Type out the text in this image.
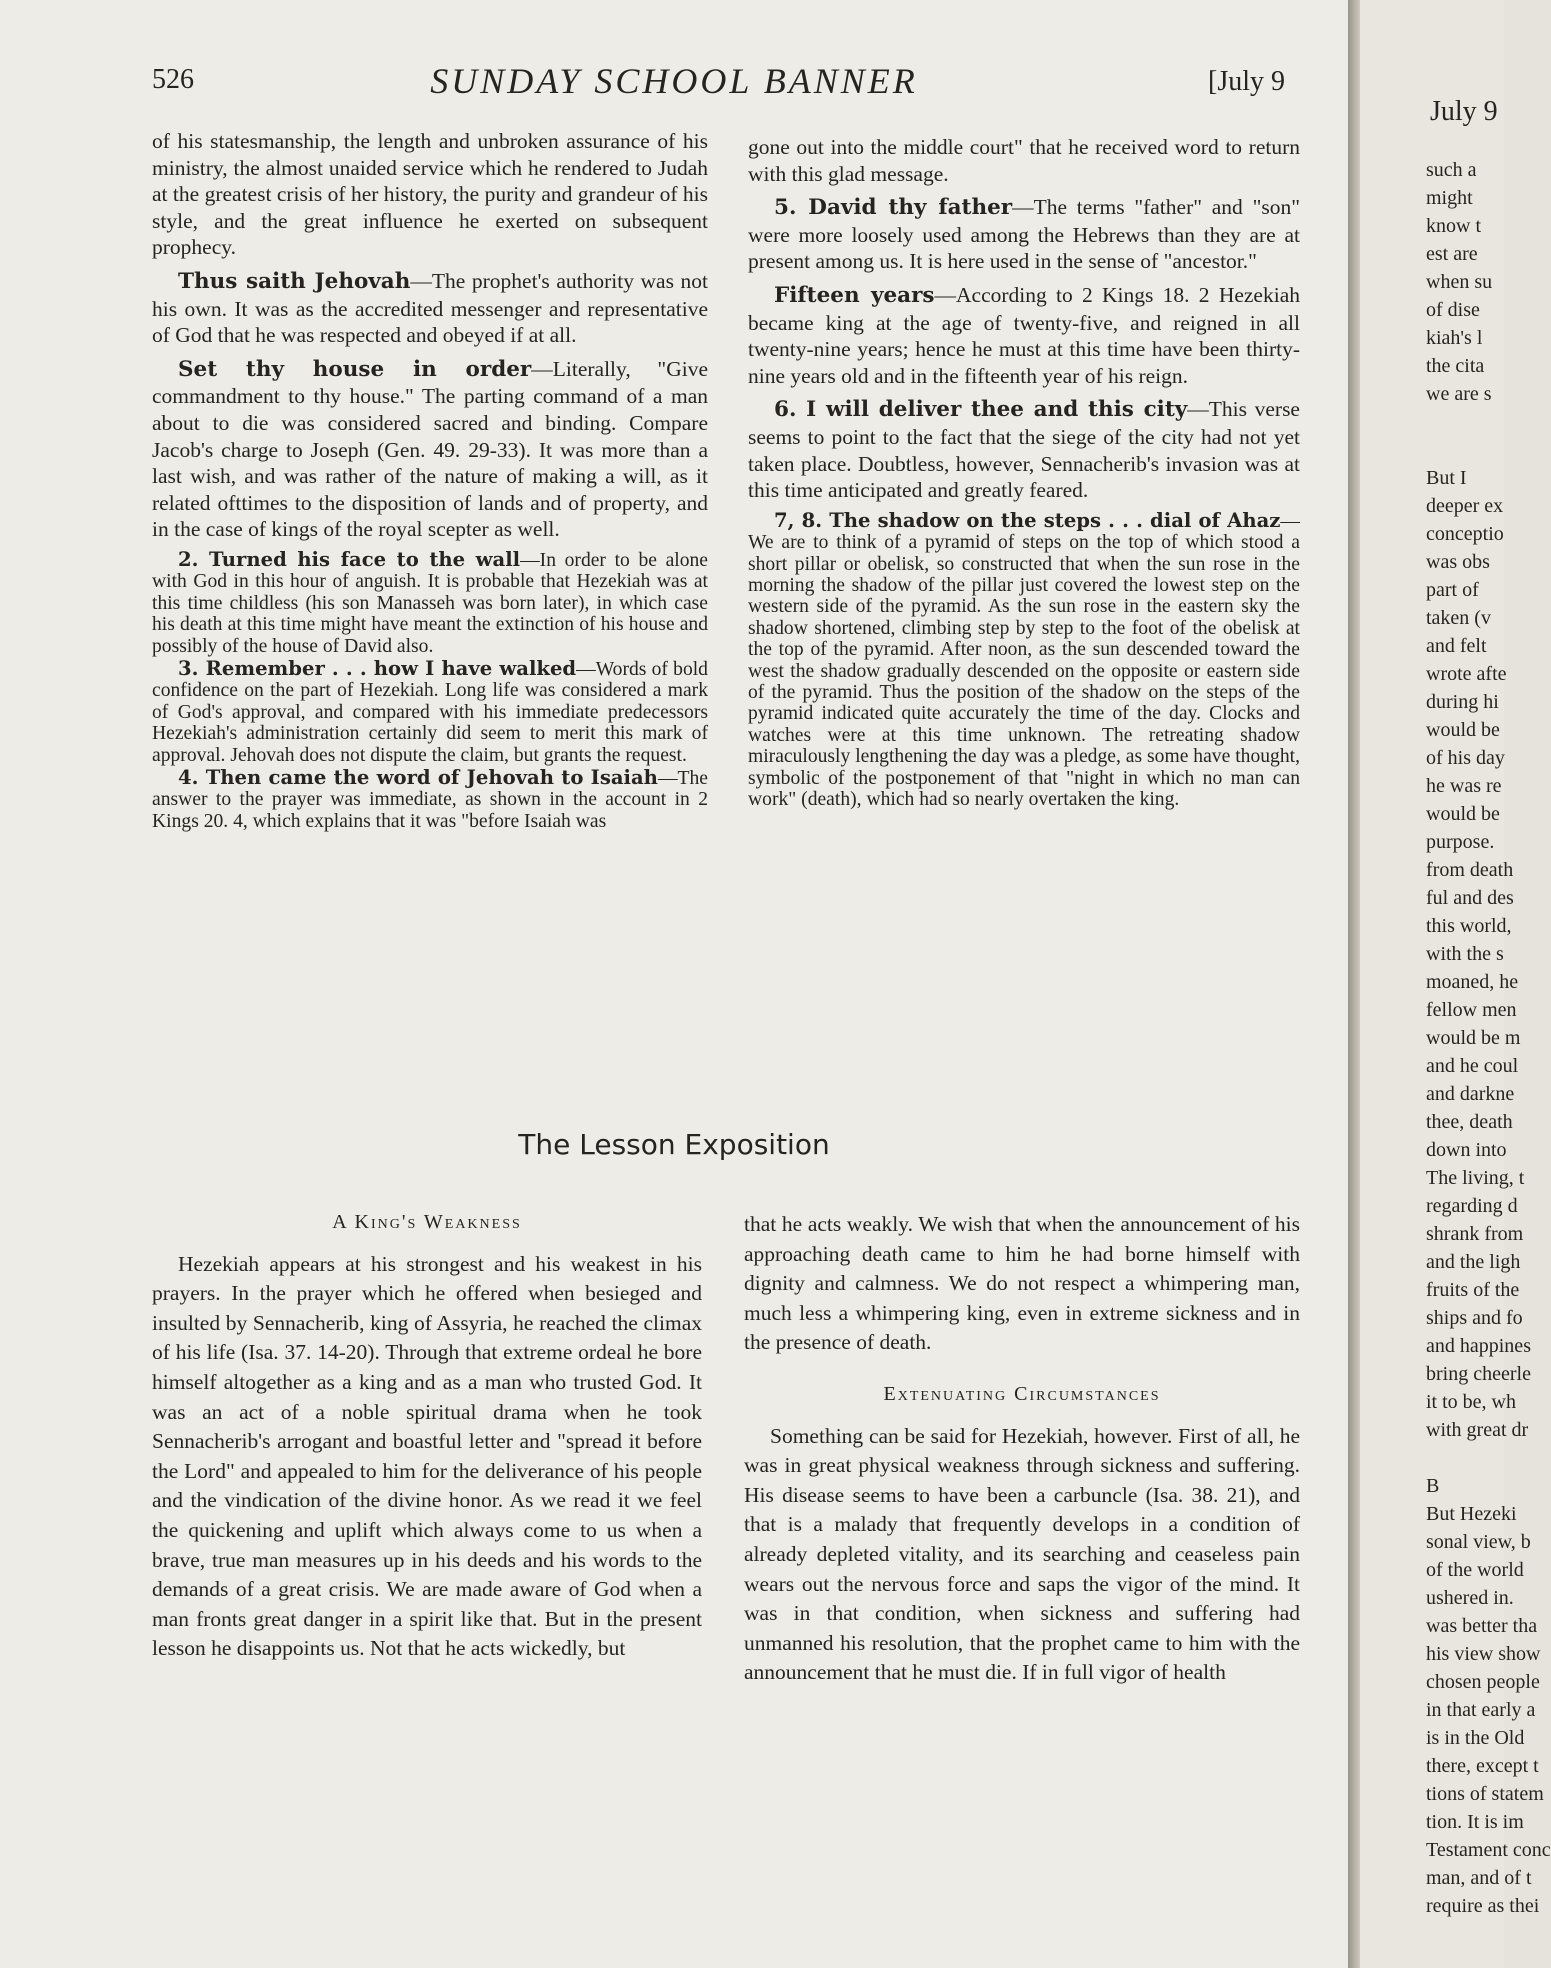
526	SUNDAY SCHOOL BANNER	[July 9

of his statesmanship, the length and unbroken assurance of his ministry, the almost unaided service which he rendered to Judah at the greatest crisis of her history, the purity and grandeur of his style, and the great influence he exerted on subsequent prophecy.

Thus saith Jehovah—The prophet's authority was not his own. It was as the accredited messenger and representative of God that he was respected and obeyed if at all.

Set thy house in order—Literally, "Give commandment to thy house." The parting command of a man about to die was considered sacred and binding. Compare Jacob's charge to Joseph (Gen. 49. 29-33). It was more than a last wish, and was rather of the nature of making a will, as it related ofttimes to the disposition of lands and of property, and in the case of kings of the royal scepter as well.

2. Turned his face to the wall—In order to be alone with God in this hour of anguish. It is probable that Hezekiah was at this time childless (his son Manasseh was born later), in which case his death at this time might have meant the extinction of his house and possibly of the house of David also.

3. Remember . . . how I have walked—Words of bold confidence on the part of Hezekiah. Long life was considered a mark of God's approval, and compared with his immediate predecessors Hezekiah's administration certainly did seem to merit this mark of approval. Jehovah does not dispute the claim, but grants the request.

4. Then came the word of Jehovah to Isaiah—The answer to the prayer was immediate, as shown in the account in 2 Kings 20. 4, which explains that it was "before Isaiah was

gone out into the middle court" that he received word to return with this glad message.

5. David thy father—The terms "father" and "son" were more loosely used among the Hebrews than they are at present among us. It is here used in the sense of "ancestor."

Fifteen years—According to 2 Kings 18. 2 Hezekiah became king at the age of twenty-five, and reigned in all twenty-nine years; hence he must at this time have been thirty-nine years old and in the fifteenth year of his reign.

6. I will deliver thee and this city—This verse seems to point to the fact that the siege of the city had not yet taken place. Doubtless, however, Sennacherib's invasion was at this time anticipated and greatly feared.

7, 8. The shadow on the steps . . . dial of Ahaz—We are to think of a pyramid of steps on the top of which stood a short pillar or obelisk, so constructed that when the sun rose in the morning the shadow of the pillar just covered the lowest step on the western side of the pyramid. As the sun rose in the eastern sky the shadow shortened, climbing step by step to the foot of the obelisk at the top of the pyramid. After noon, as the sun descended toward the west the shadow gradually descended on the opposite or eastern side of the pyramid. Thus the position of the shadow on the steps of the pyramid indicated quite accurately the time of the day. Clocks and watches were at this time unknown. The retreating shadow miraculously lengthening the day was a pledge, as some have thought, symbolic of the postponement of that "night in which no man can work" (death), which had so nearly overtaken the king.

The Lesson Exposition
A King's Weakness

Hezekiah appears at his strongest and his weakest in his prayers. In the prayer which he offered when besieged and insulted by Sennacherib, king of Assyria, he reached the climax of his life (Isa. 37. 14-20). Through that extreme ordeal he bore himself altogether as a king and as a man who trusted God. It was an act of a noble spiritual drama when he took Sennacherib's arrogant and boastful letter and "spread it before the Lord" and appealed to him for the deliverance of his people and the vindication of the divine honor. As we read it we feel the quickening and uplift which always come to us when a brave, true man measures up in his deeds and his words to the demands of a great crisis. We are made aware of God when a man fronts great danger in a spirit like that. But in the present lesson he disappoints us. Not that he acts wickedly, but

that he acts weakly. We wish that when the announcement of his approaching death came to him he had borne himself with dignity and calmness. We do not respect a whimpering man, much less a whimpering king, even in extreme sickness and in the presence of death.

Extenuating Circumstances

Something can be said for Hezekiah, however. First of all, he was in great physical weakness through sickness and suffering. His disease seems to have been a carbuncle (Isa. 38. 21), and that is a malady that frequently develops in a condition of already depleted vitality, and its searching and ceaseless pain wears out the nervous force and saps the vigor of the mind. It was in that condition, when sickness and suffering had unmanned his resolution, that the prophet came to him with the announcement that he must die. If in full vigor of health

July 9
such a
might
know t
est are
when su
of dise
kiah's l
the cita
we are s

But I
deeper ex
conceptio
was obs
part of
taken (v
and felt
wrote afte
during hi
would be
of his day
he was re
would be
purpose.
from death
ful and des
this world,
with the s
moaned, he
fellow men
would be m
and he coul
and darkne
thee, death
down into
The living, t
regarding d
shrank from
and the ligh
fruits of the
ships and fo
and happines
bring cheerle
it to be, wh
with great dr

B
But Hezeki
sonal view, b
of the world
ushered in.
was better tha
his view show
chosen people
in that early a
is in the Old
there, except t
tions of statem
tion. It is im
Testament conc
man, and of t
require as thei
